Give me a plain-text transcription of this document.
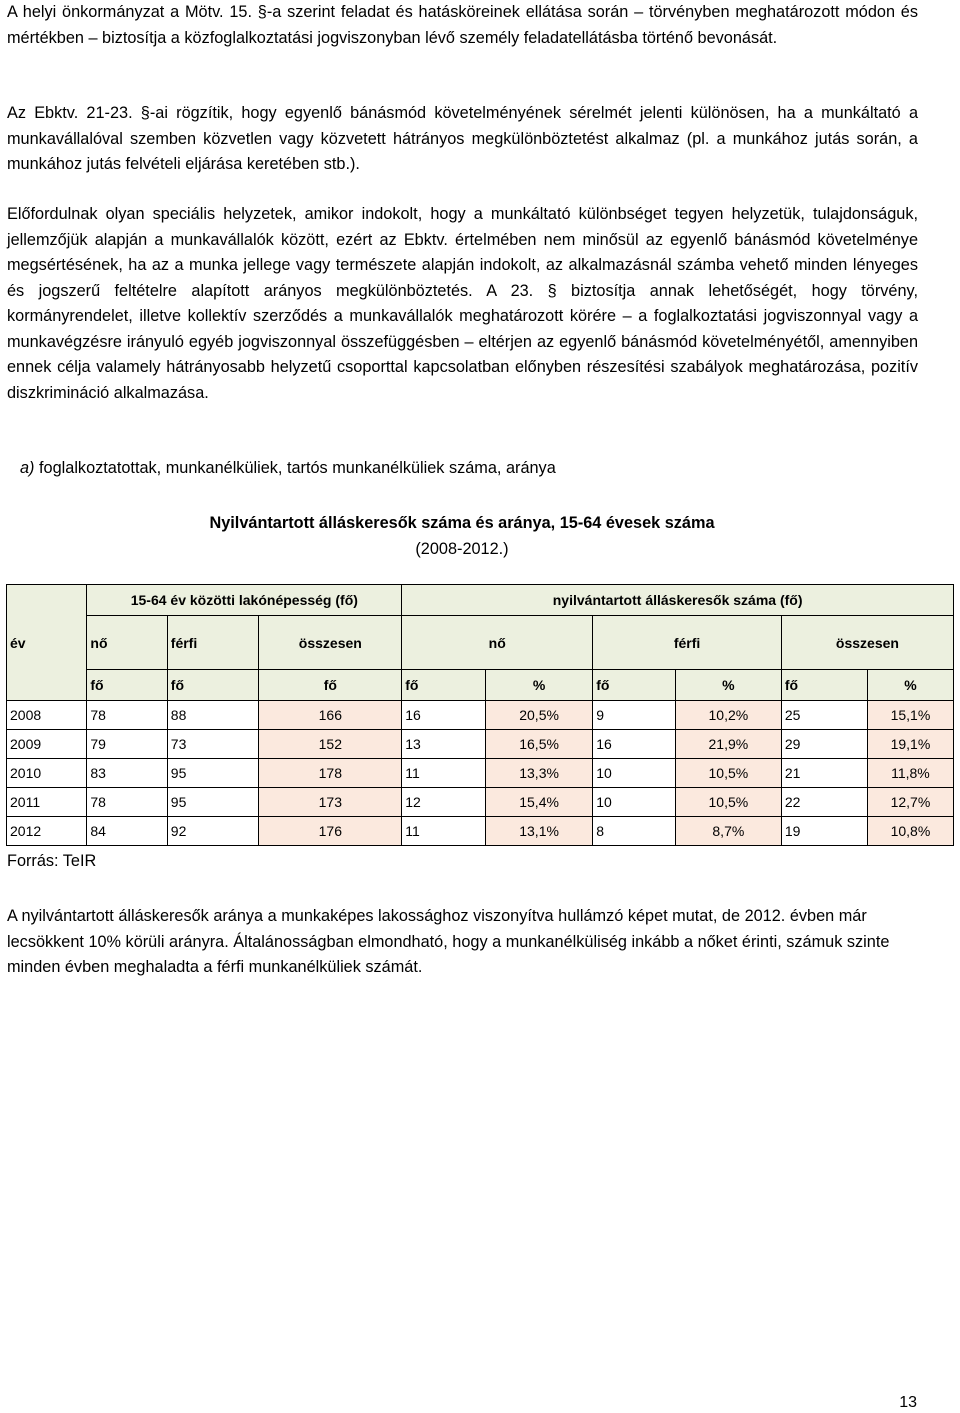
A helyi önkormányzat a Mötv. 15. §-a szerint feladat és hatásköreinek ellátása során – törvényben meghatározott módon és mértékben – biztosítja a közfoglalkoztatási jogviszonyban lévő személy feladatellátásba történő bevonását.

Az Ebktv. 21-23. §-ai rögzítik, hogy egyenlő bánásmód követelményének sérelmét jelenti különösen, ha a munkáltató a munkavállalóval szemben közvetlen vagy közvetett hátrányos megkülönböztetést alkalmaz (pl. a munkához jutás során, a munkához jutás felvételi eljárása keretében stb.).

Előfordulnak olyan speciális helyzetek, amikor indokolt, hogy a munkáltató különbséget tegyen helyzetük, tulajdonságuk, jellemzőjük alapján a munkavállalók között, ezért az Ebktv. értelmében nem minősül az egyenlő bánásmód követelménye megsértésének, ha az a munka jellege vagy természete alapján indokolt, az alkalmazásnál számba vehető minden lényeges és jogszerű feltételre alapított arányos megkülönböztetés. A 23. § biztosítja annak lehetőségét, hogy törvény, kormányrendelet, illetve kollektív szerződés a munkavállalók meghatározott körére – a foglalkoztatási jogviszonnyal vagy a munkavégzésre irányuló egyéb jogviszonnyal összefüggésben – eltérjen az egyenlő bánásmód követelményétől, amennyiben ennek célja valamely hátrányosabb helyzetű csoporttal kapcsolatban előnyben részesítési szabályok meghatározása, pozitív diszkrimináció alkalmazása.

a) foglalkoztatottak, munkanélküliek, tartós munkanélküliek száma, aránya
Nyilvántartott álláskeresők száma és aránya, 15-64 évesek száma
(2008-2012.)
	15-64 év közötti lakónépesség (fő)			nyilvántartott álláskeresők száma (fő)					
év	nő	férfi	összesen	nő		férfi		összesen	
	fő	fő	fő	fő	%	fő	%	fő	%
2008	78	88	166	16	20,5%	9	10,2%	25	15,1%
2009	79	73	152	13	16,5%	16	21,9%	29	19,1%
2010	83	95	178	11	13,3%	10	10,5%	21	11,8%
2011	78	95	173	12	15,4%	10	10,5%	22	12,7%
2012	84	92	176	11	13,1%	8	8,7%	19	10,8%
Forrás: TeIR

A nyilvántartott álláskeresők aránya a munkaképes lakossághoz viszonyítva hullámzó képet mutat, de 2012. évben már lecsökkent 10% körüli arányra. Általánosságban elmondható, hogy a munkanélküliség inkább a nőket érinti, számuk szinte minden évben meghaladta a férfi munkanélküliek számát.

13
